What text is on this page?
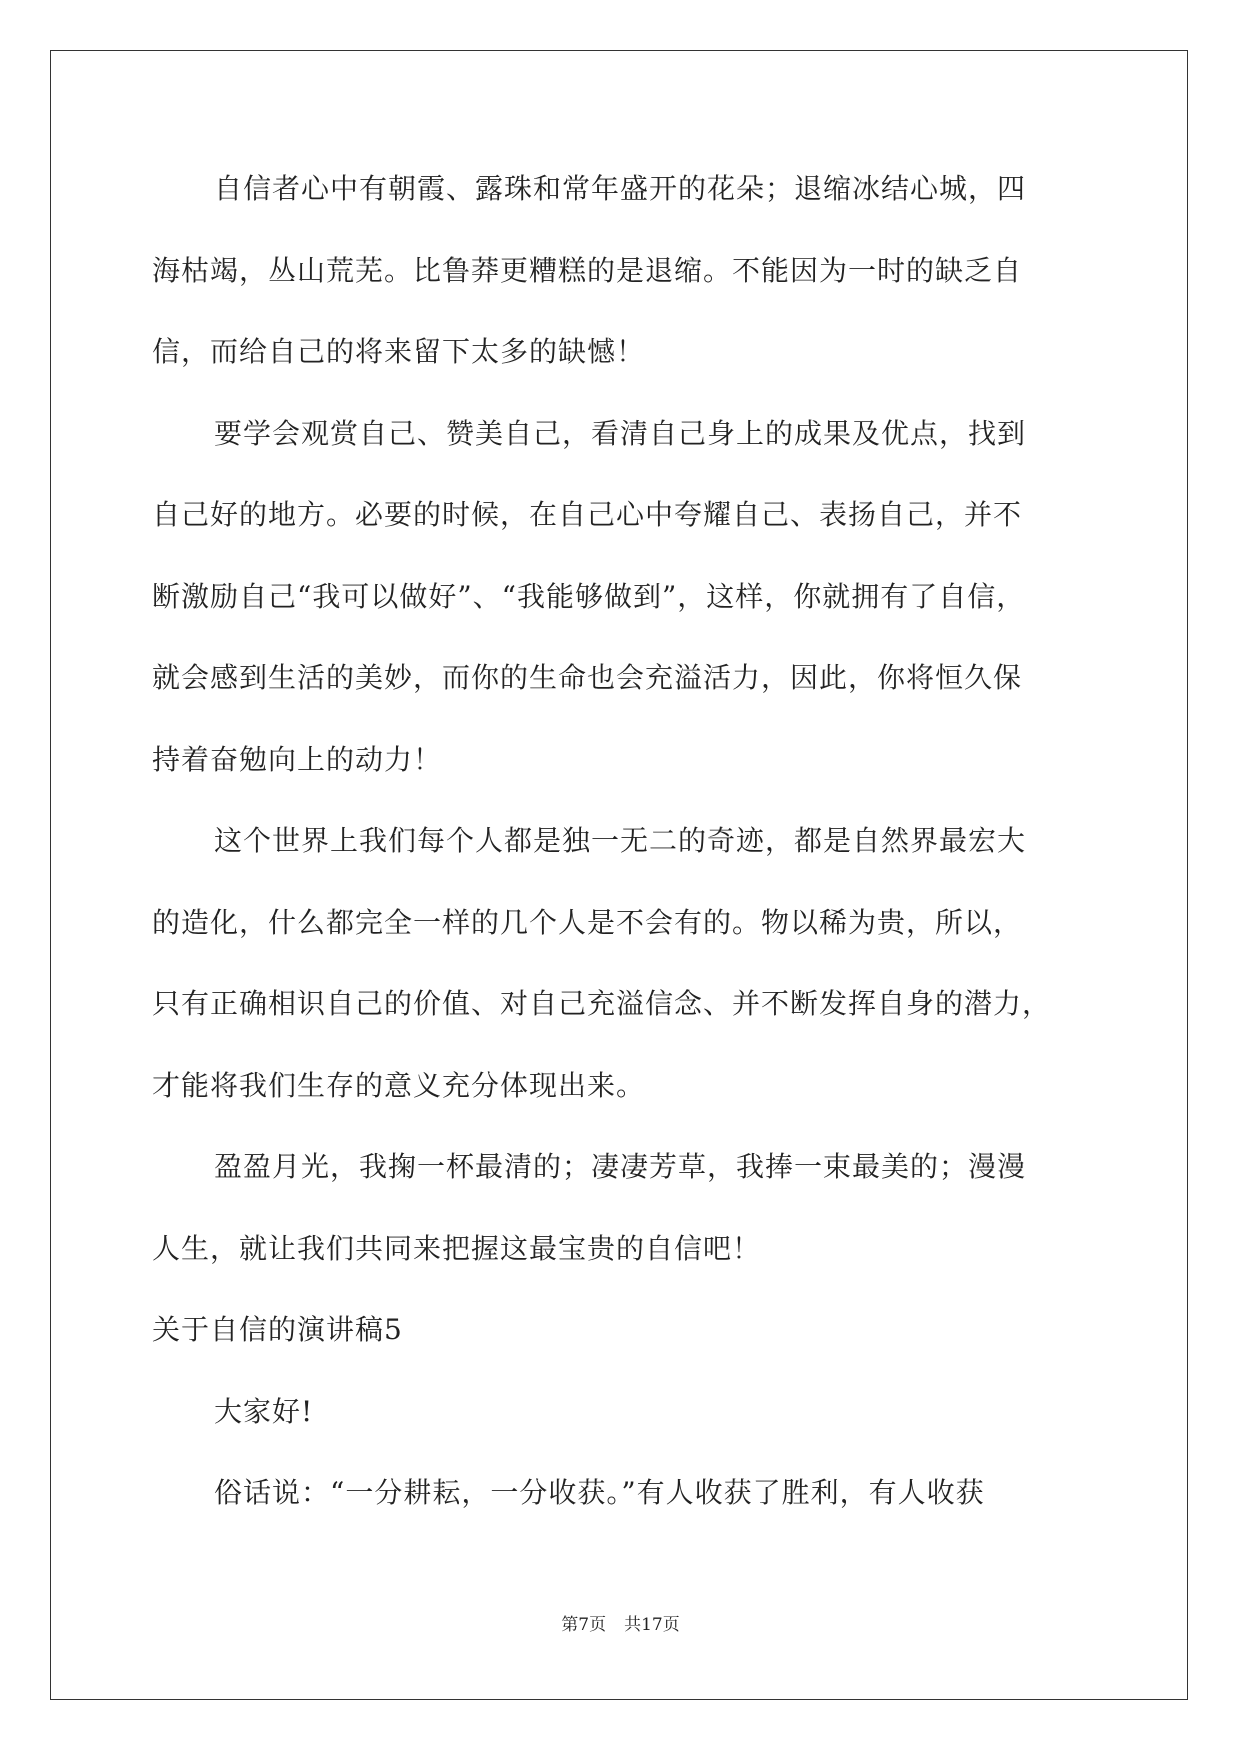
自信者心中有朝霞、露珠和常年盛开的花朵；退缩冰结心城，四
海枯竭，丛山荒芜。比鲁莽更糟糕的是退缩。不能因为一时的缺乏自
信，而给自己的将来留下太多的缺憾！
要学会观赏自己、赞美自己，看清自己身上的成果及优点，找到
自己好的地方。必要的时候，在自己心中夸耀自己、表扬自己，并不
断激励自己“我可以做好”、“我能够做到”，这样，你就拥有了自信，
就会感到生活的美妙，而你的生命也会充溢活力，因此，你将恒久保
持着奋勉向上的动力！
这个世界上我们每个人都是独一无二的奇迹，都是自然界最宏大
的造化，什么都完全一样的几个人是不会有的。物以稀为贵，所以，
只有正确相识自己的价值、对自己充溢信念、并不断发挥自身的潜力，
才能将我们生存的意义充分体现出来。
盈盈月光，我掬一杯最清的；凄凄芳草，我捧一束最美的；漫漫
人生，就让我们共同来把握这最宝贵的自信吧！
关于自信的演讲稿5
大家好!
俗话说：“一分耕耘，一分收获。”有人收获了胜利，有人收获
第7页 共17页
